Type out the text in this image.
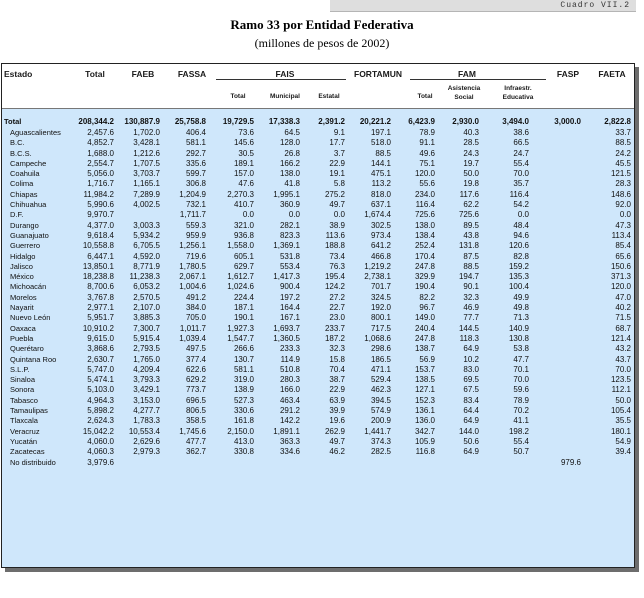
Cuadro VII.2
Ramo 33 por Entidad Federativa
(millones de pesos de 2002)
Estado	Total	FAEB	FASSA	FAIS	FORTAMUN	FAM	FASP	FAETA
Total	Municipal	Estatal	Total
Asistencia Social
Infraestr. Educativa
Total	208,344.2	130,887.9	25,758.8	19,729.5	17,338.3	2,391.2	20,221.2	6,423.9	2,930.0	3,494.0	3,000.0	2,822.8
Aguascalientes	2,457.6	1,702.0	406.4	73.6	64.5	9.1	197.1	78.9	40.3	38.6		33.7
B.C.	4,852.7	3,428.1	581.1	145.6	128.0	17.7	518.0	91.1	28.5	66.5		88.5
B.C.S.	1,688.0	1,212.6	292.7	30.5	26.8	3.7	88.5	49.6	24.3	24.7		24.2
Campeche	2,554.7	1,707.5	335.6	189.1	166.2	22.9	144.1	75.1	19.7	55.4		45.5
Coahuila	5,056.0	3,703.7	599.7	157.0	138.0	19.1	475.1	120.0	50.0	70.0		121.5
Colima	1,716.7	1,165.1	306.8	47.6	41.8	5.8	113.2	55.6	19.8	35.7		28.3
Chiapas	11,984.2	7,289.9	1,204.9	2,270.3	1,995.1	275.2	818.0	234.0	117.6	116.4		148.6
Chihuahua	5,990.6	4,002.5	732.1	410.7	360.9	49.7	637.1	116.4	62.2	54.2		92.0
D.F.	9,970.7		1,711.7	0.0	0.0	0.0	1,674.4	725.6	725.6	0.0		0.0
Durango	4,377.0	3,003.3	559.3	321.0	282.1	38.9	302.5	138.0	89.5	48.4		47.3
Guanajuato	9,618.4	5,934.2	959.9	936.8	823.3	113.6	973.4	138.4	43.8	94.6		113.4
Guerrero	10,558.8	6,705.5	1,256.1	1,558.0	1,369.1	188.8	641.2	252.4	131.8	120.6		85.4
Hidalgo	6,447.1	4,592.0	719.6	605.1	531.8	73.4	466.8	170.4	87.5	82.8		65.6
Jalisco	13,850.1	8,771.9	1,780.5	629.7	553.4	76.3	1,219.2	247.8	88.5	159.2		150.6
México	18,238.8	11,238.3	2,067.1	1,612.7	1,417.3	195.4	2,738.1	329.9	194.7	135.3		371.3
Michoacán	8,700.6	6,053.2	1,004.6	1,024.6	900.4	124.2	701.7	190.4	90.1	100.4		120.0
Morelos	3,767.8	2,570.5	491.2	224.4	197.2	27.2	324.5	82.2	32.3	49.9		47.0
Nayarit	2,977.1	2,107.0	384.0	187.1	164.4	22.7	192.0	96.7	46.9	49.8		40.2
Nuevo León	5,951.7	3,885.3	705.0	190.1	167.1	23.0	800.1	149.0	77.7	71.3		71.5
Oaxaca	10,910.2	7,300.7	1,011.7	1,927.3	1,693.7	233.7	717.5	240.4	144.5	140.9		68.7
Puebla	9,615.0	5,915.4	1,039.4	1,547.7	1,360.5	187.2	1,068.6	247.8	118.3	130.8		121.4
Querétaro	3,868.6	2,793.5	497.5	266.6	233.3	32.3	298.6	138.7	64.9	53.8		43.2
Quintana Roo	2,630.7	1,765.0	377.4	130.7	114.9	15.8	186.5	56.9	10.2	47.7		43.7
S.L.P.	5,747.0	4,209.4	622.6	581.1	510.8	70.4	471.1	153.7	83.0	70.1		70.0
Sinaloa	5,474.1	3,793.3	629.2	319.0	280.3	38.7	529.4	138.5	69.5	70.0		123.5
Sonora	5,103.0	3,429.1	773.7	138.9	166.0	22.9	462.3	127.1	67.5	59.6		112.1
Tabasco	4,964.3	3,153.0	696.5	527.3	463.4	63.9	394.5	152.3	83.4	78.9		50.0
Tamaulipas	5,898.2	4,277.7	806.5	330.6	291.2	39.9	574.9	136.1	64.4	70.2		105.4
Tlaxcala	2,624.3	1,783.3	358.5	161.8	142.2	19.6	200.9	136.0	64.9	41.1		35.5
Veracruz	15,042.2	10,553.4	1,745.6	2,150.0	1,891.1	262.9	1,441.7	342.7	144.0	198.2		180.1
Yucatán	4,060.0	2,629.6	477.7	413.0	363.3	49.7	374.3	105.9	50.6	55.4		54.9
Zacatecas	4,060.3	2,979.3	362.7	330.8	334.6	46.2	282.5	116.8	64.9	50.7		39.4
No distribuido	3,979.6										979.6	
